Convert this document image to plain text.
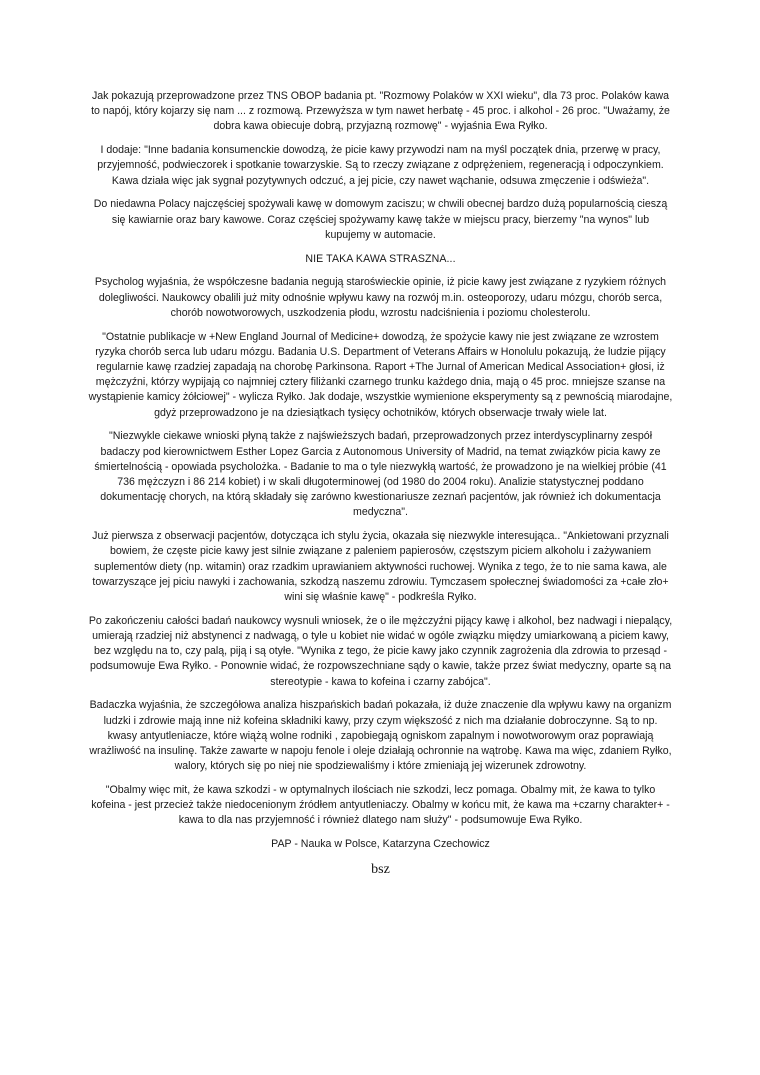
Jak pokazują przeprowadzone przez TNS OBOP badania pt. "Rozmowy Polaków w XXI wieku", dla 73 proc. Polaków kawa to napój, który kojarzy się nam ... z rozmową. Przewyższa w tym nawet herbatę - 45 proc. i alkohol - 26 proc. "Uważamy, że dobra kawa obiecuje dobrą, przyjazną rozmowę" - wyjaśnia Ewa Ryłko.

I dodaje: "Inne badania konsumenckie dowodzą, że picie kawy przywodzi nam na myśl początek dnia, przerwę w pracy, przyjemność, podwieczorek i spotkanie towarzyskie. Są to rzeczy związane z odprężeniem, regeneracją i odpoczynkiem. Kawa działa więc jak sygnał pozytywnych odczuć, a jej picie, czy nawet wąchanie, odsuwa zmęczenie i odświeża".

Do niedawna Polacy najczęściej spożywali kawę w domowym zaciszu; w chwili obecnej bardzo dużą popularnością cieszą się kawiarnie oraz bary kawowe. Coraz częściej spożywamy kawę także w miejscu pracy, bierzemy "na wynos" lub kupujemy w automacie.

NIE TAKA KAWA STRASZNA...

Psycholog wyjaśnia, że współczesne badania negują staroświeckie opinie, iż picie kawy jest związane z ryzykiem różnych dolegliwości. Naukowcy obalili już mity odnośnie wpływu kawy na rozwój m.in. osteoporozy, udaru mózgu, chorób serca, chorób nowotworowych, uszkodzenia płodu, wzrostu nadciśnienia i poziomu cholesterolu.

"Ostatnie publikacje w +New England Journal of Medicine+ dowodzą, że spożycie kawy nie jest związane ze wzrostem ryzyka chorób serca lub udaru mózgu. Badania U.S. Department of Veterans Affairs w Honolulu pokazują, że ludzie pijący regularnie kawę rzadziej zapadają na chorobę Parkinsona. Raport +The Jurnal of American Medical Association+ głosi, iż mężczyźni, którzy wypijają co najmniej cztery filiżanki czarnego trunku każdego dnia, mają o 45 proc. mniejsze szanse na wystąpienie kamicy żółciowej" - wylicza Ryłko. Jak dodaje, wszystkie wymienione eksperymenty są z pewnością miarodajne, gdyż przeprowadzono je na dziesiątkach tysięcy ochotników, których obserwacje trwały wiele lat.

"Niezwykle ciekawe wnioski płyną także z najświeższych badań, przeprowadzonych przez interdyscyplinarny zespół badaczy pod kierownictwem Esther Lopez Garcia z Autonomous University of Madrid, na temat związków picia kawy ze śmiertelnością - opowiada psycholożka. - Badanie to ma o tyle niezwykłą wartość, że prowadzono je na wielkiej próbie (41 736 mężczyzn i 86 214 kobiet) i w skali długoterminowej (od 1980 do 2004 roku). Analizie statystycznej poddano dokumentację chorych, na którą składały się zarówno kwestionariusze zeznań pacjentów, jak również ich dokumentacja medyczna".

Już pierwsza z obserwacji pacjentów, dotycząca ich stylu życia, okazała się niezwykle interesująca.. "Ankietowani przyznali bowiem, że częste picie kawy jest silnie związane z paleniem papierosów, częstszym piciem alkoholu i zażywaniem suplementów diety (np. witamin) oraz rzadkim uprawianiem aktywności ruchowej. Wynika z tego, że to nie sama kawa, ale towarzyszące jej piciu nawyki i zachowania, szkodzą naszemu zdrowiu. Tymczasem społecznej świadomości za +całe zło+ wini się właśnie kawę" - podkreśla Ryłko.

Po zakończeniu całości badań naukowcy wysnuli wniosek, że o ile mężczyźni pijący kawę i alkohol, bez nadwagi i niepalący, umierają rzadziej niż abstynenci z nadwagą, o tyle u kobiet nie widać w ogóle związku między umiarkowaną a piciem kawy, bez względu na to, czy palą, piją i są otyłe. "Wynika z tego, że picie kawy jako czynnik zagrożenia dla zdrowia to przesąd - podsumowuje Ewa Ryłko. - Ponownie widać, że rozpowszechniane sądy o kawie, także przez świat medyczny, oparte są na stereotypie - kawa to kofeina i czarny zabójca".

Badaczka wyjaśnia, że szczegółowa analiza hiszpańskich badań pokazała, iż duże znaczenie dla wpływu kawy na organizm ludzki i zdrowie mają inne niż kofeina składniki kawy, przy czym większość z nich ma działanie dobroczynne. Są to np. kwasy antyutleniacze, które wiążą wolne rodniki , zapobiegają ogniskom zapalnym i nowotworowym oraz poprawiają wrażliwość na insulinę. Także zawarte w napoju fenole i oleje działają ochronnie na wątrobę. Kawa ma więc, zdaniem Ryłko, walory, których się po niej nie spodziewaliśmy i które zmieniają jej wizerunek zdrowotny.

"Obalmy więc mit, że kawa szkodzi - w optymalnych ilościach nie szkodzi, lecz pomaga. Obalmy mit, że kawa to tylko kofeina - jest przecież także niedocenionym źródłem antyutleniaczy. Obalmy w końcu mit, że kawa ma +czarny charakter+ - kawa to dla nas przyjemność i również dlatego nam służy" - podsumowuje Ewa Ryłko.

PAP - Nauka w Polsce, Katarzyna Czechowicz

bsz
